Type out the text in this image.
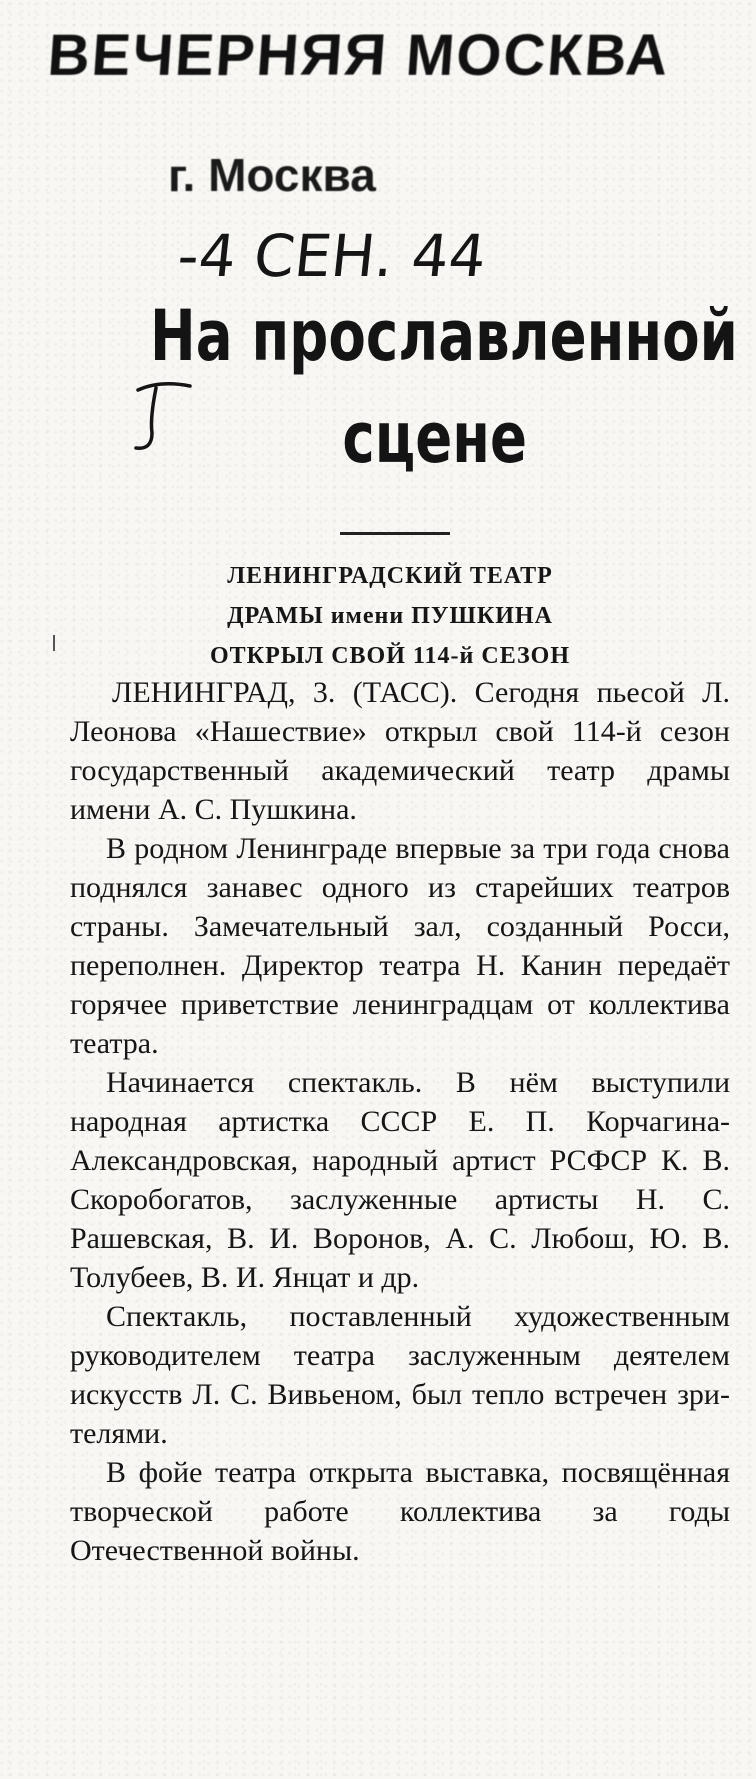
ВЕЧЕРНЯЯ МОСКВА
г. Москва
-4 СЕН. 44
На прославленной
сцене
ЛЕНИНГРАДСКИЙ ТЕАТР
ДРАМЫ имени ПУШКИНА
ОТКРЫЛ СВОЙ 114-й СЕЗОН

ЛЕНИНГРАД, 3. (ТАСС). Сегодня пьесой Л. Леонова «Нашествие» открыл свой 114-й сезон государственный академический театр драмы имени А. С. Пушкина.

В родном Ленинграде впервые за три года снова поднялся занавес одного из старейших театров страны. Замечательный зал, созданный Росси, переполнен. Директор театра Н. Канин передаёт горячее приветствие ленинградцам от коллектива театра.

Начинается спектакль. В нём выступили народная артистка СССР Е. П. Корчагина-Александровская, народный артист РСФСР К. В. Скоробогатов, заслуженные артисты Н. С. Рашевская, В. И. Воронов, А. С. Любош, Ю. В. Толубеев, В. И. Янцат и др.

Спектакль, поставленный художественным руководителем театра заслуженным деятелем искусств Л. С. Вивьеном, был тепло встречен зрителями.

В фойе театра открыта выставка, посвящённая творческой работе коллектива за годы Отечественной войны.
